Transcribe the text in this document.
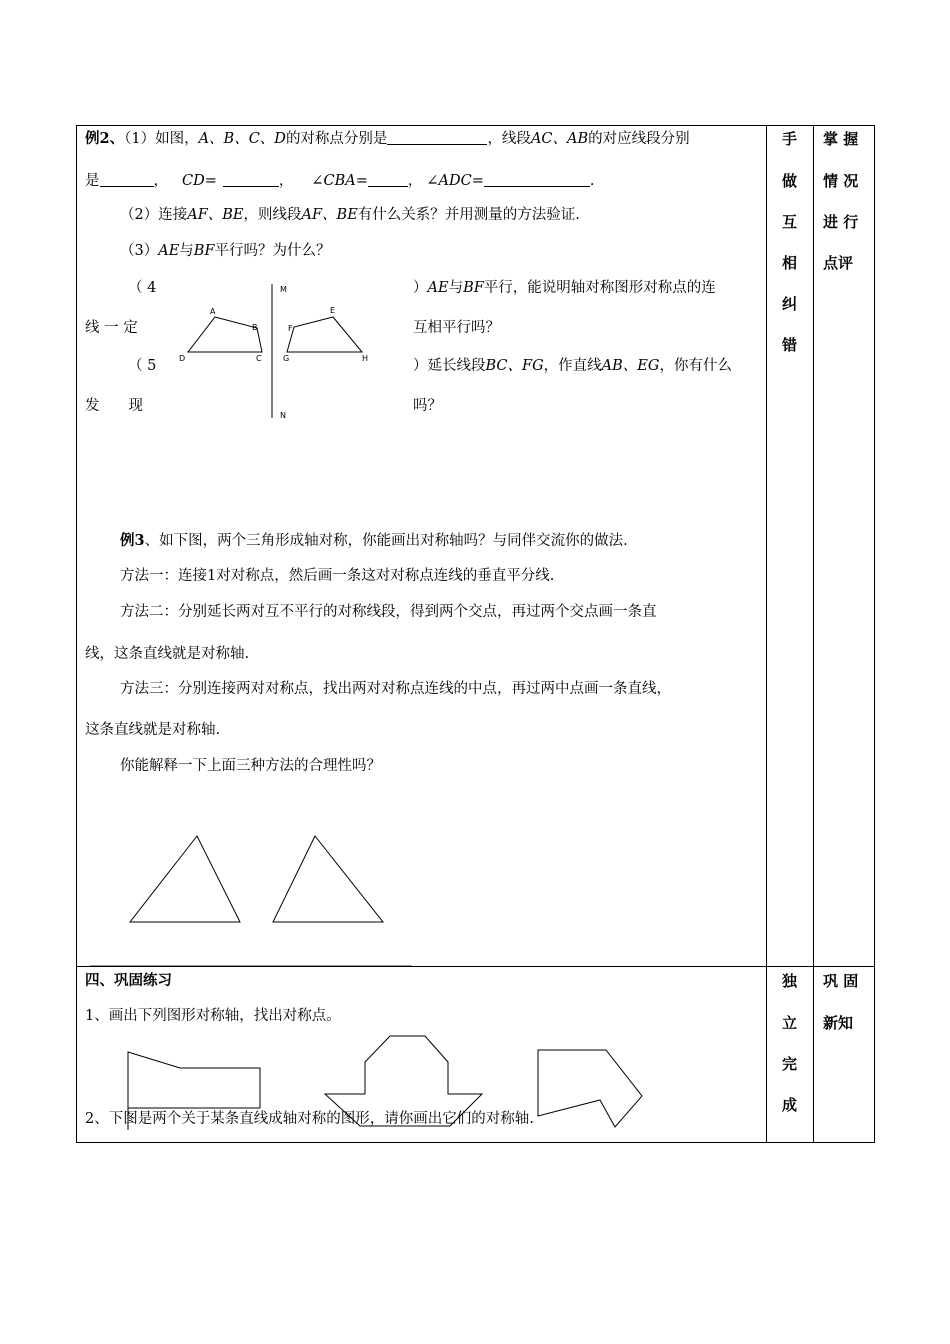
例2、（1）如图，A、B、C、D的对称点分别是	，线段AC、AB的对应线段分别
是	， CD=	， ∠CBA=	， ∠ADC=	.
（2）连接AF、BE，则线段AF、BE有什么关系？并用测量的方法验证.
（3）AE与BF平行吗？为什么？
（ 4
线 一 定
（ 5
发　　现
）AE与BF平行，能说明轴对称图形对称点的连
互相平行吗？
）延长线段BC、FG，作直线AB、EG，你有什么
吗？
A
B
C
D
E
F
G	H
M
N
例3、如下图，两个三角形成轴对称，你能画出对称轴吗？与同伴交流你的做法.
方法一：连接1对对称点，然后画一条这对对称点连线的垂直平分线.
方法二：分别延长两对互不平行的对称线段，得到两个交点，再过两个交点画一条直
线，这条直线就是对称轴.
方法三：分别连接两对对称点，找出两对对称点连线的中点，再过两中点画一条直线，
这条直线就是对称轴.
你能解释一下上面三种方法的合理性吗？
四、巩固练习
1、画出下列图形对称轴，找出对称点。
2、下图是两个关于某条直线成轴对称的图形，请你画出它们的对称轴.
手
做
互
相
纠
错
掌 握
情 况
进 行
点评
独
立
完
成
巩 固
新知
